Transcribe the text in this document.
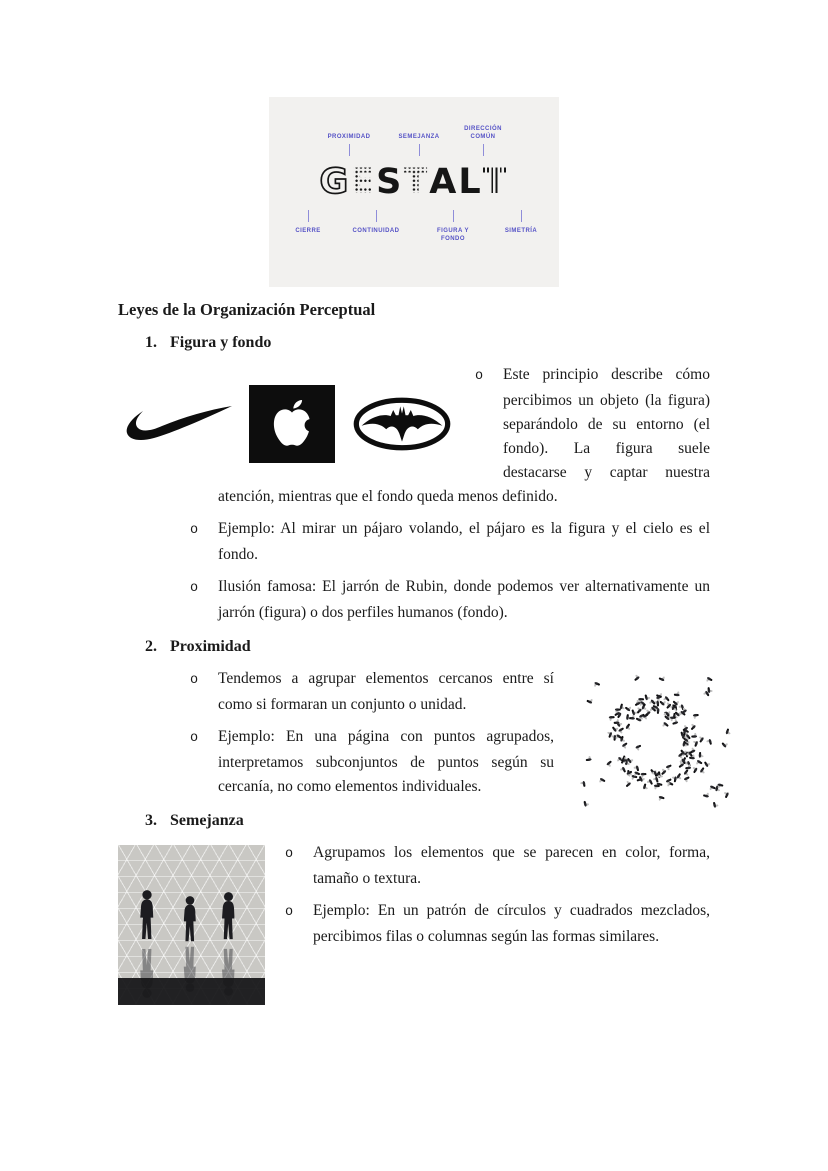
PROXIMIDAD	SEMEJANZA
DIRECCIÓN COMÚN
GESTALT
CIERRE	CONTINUIDAD	FIGURA Y FONDO
SIMETRÍA
Leyes de la Organización Perceptual
1. Figura y fondo

o Este principio describe cómo percibimos un objeto (la figura) separándolo de su entorno (el fondo). La figura suele destacarse y captar nuestra atención, mientras que el fondo queda menos definido.

o Ejemplo: Al mirar un pájaro volando, el pájaro es la figura y el cielo es el fondo.

o Ilusión famosa: El jarrón de Rubin, donde podemos ver alternativamente un jarrón (figura) o dos perfiles humanos (fondo).

2. Proximidad

o Tendemos a agrupar elementos cercanos entre sí como si formaran un conjunto o unidad.

o Ejemplo: En una página con puntos agrupados, interpretamos subconjuntos de puntos según su cercanía, no como elementos individuales.

3. Semejanza

o Agrupamos los elementos que se parecen en color, forma, tamaño o textura.

o Ejemplo: En un patrón de círculos y cuadrados mezclados, percibimos filas o columnas según las formas similares.
